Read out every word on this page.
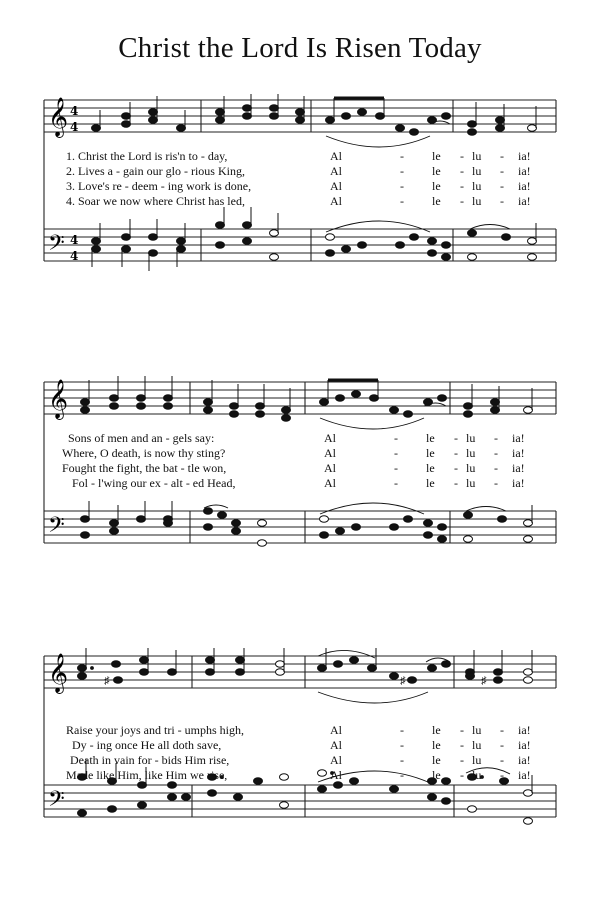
Christ the Lord Is Risen Today
𝄞
𝄢
4
4
4
4
1. Christ the Lord is ris'n to - day,
2. Lives a - gain our glo - rious King,
3. Love's re - deem - ing work is done,
4. Soar we now where Christ has led,
𝄞
𝄢
Sons of men and an - gels say:
Where, O death, is now thy sting?
Fought the fight, the bat - tle won,
Fol - l'wing our ex - alt - ed Head,
𝄞
𝄢
♯	♯	♯
Raise your joys and tri - umphs high,
Dy - ing once He all doth save,
Death in vain for - bids Him rise,
Made like Him, like Him we rise,
Al	- le - lu - ia!
Al	- le - lu - ia!
Al	- le - lu - ia!
Al	- le - lu - ia!
Al	- le - lu - ia!
Al	- le - lu - ia!
Al	- le - lu - ia!
Al	- le - lu - ia!
Al	- le - lu - ia!
Al	- le - lu - ia!
Al	- le - lu - ia!
Al	- le - lu - ia!
